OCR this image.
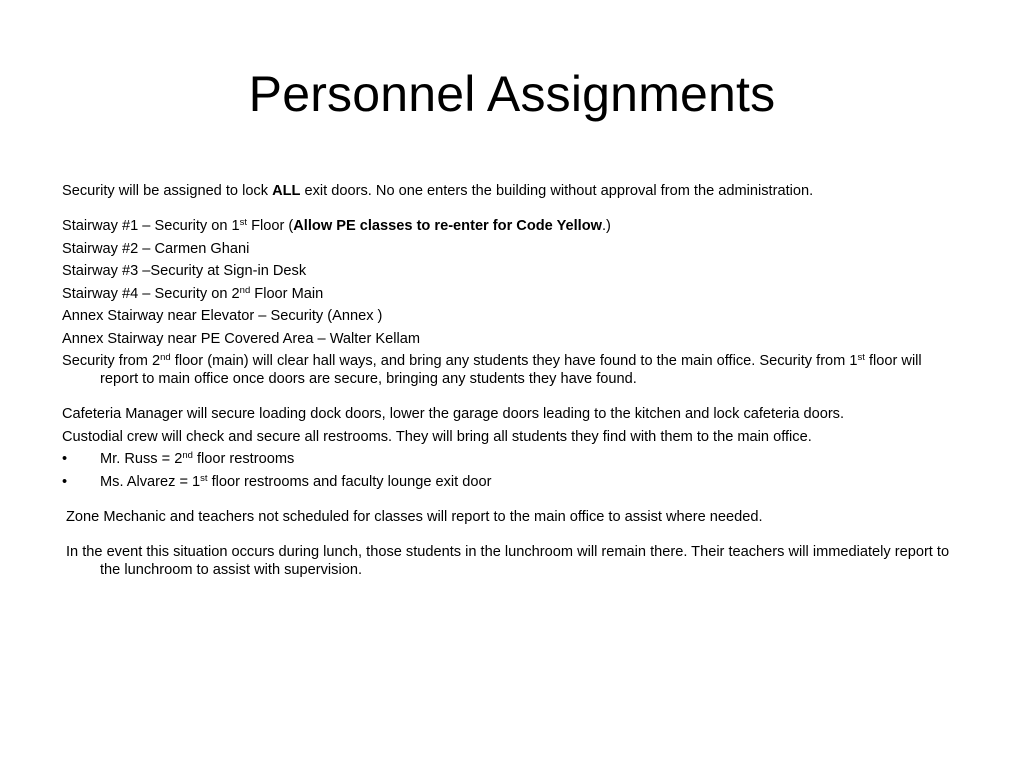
Personnel Assignments

Security will be assigned to lock ALL exit doors. No one enters the building without approval from the administration.

Stairway #1 – Security on 1st Floor (Allow PE classes to re-enter for Code Yellow.)

Stairway #2 – Carmen Ghani

Stairway #3 –Security at Sign-in Desk

Stairway #4 – Security on 2nd Floor Main

Annex Stairway near Elevator – Security (Annex )

Annex Stairway near PE Covered Area – Walter Kellam

Security from 2nd floor (main) will clear hall ways, and bring any students they have found to the main office. Security from 1st floor will report to main office once doors are secure, bringing any students they have found.

Cafeteria Manager will secure loading dock doors, lower the garage doors leading to the kitchen and lock cafeteria doors.

Custodial crew will check and secure all restrooms. They will bring all students they find with them to the main office.

•	Mr. Russ = 2nd floor restrooms
•	Ms. Alvarez = 1st floor restrooms and faculty lounge exit door

Zone Mechanic and teachers not scheduled for classes will report to the main office to assist where needed.

In the event this situation occurs during lunch, those students in the lunchroom will remain there. Their teachers will immediately report to the lunchroom to assist with supervision.
